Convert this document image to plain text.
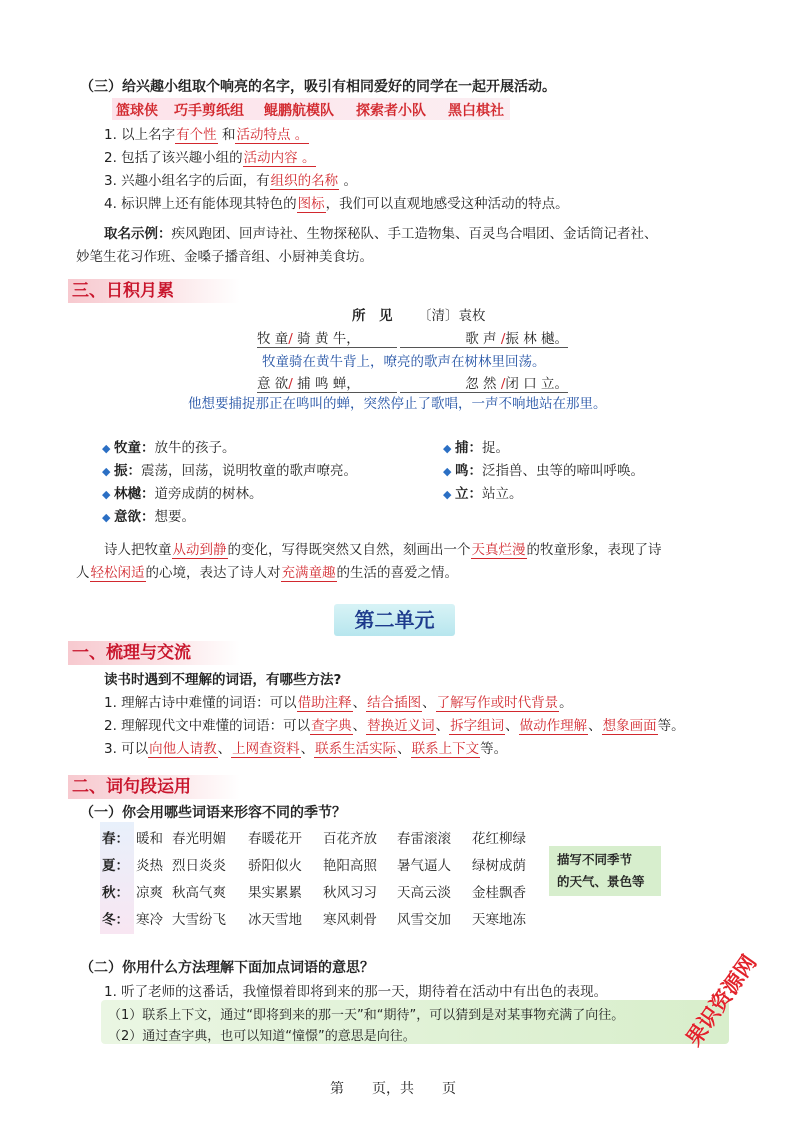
（三）给兴趣小组取个响亮的名字，吸引有相同爱好的同学在一起开展活动。
篮球侠 巧手剪纸组 鲲鹏航模队 探索者小队 黑白棋社
1. 以上名字有个性 和活动特点 。
2. 包括了该兴趣小组的活动内容 。
3. 兴趣小组名字的后面，有组织的名称 。
4. 标识牌上还有能体现其特色的图标，我们可以直观地感受这种活动的特点。
取名示例：疾风跑团、回声诗社、生物探秘队、手工造物集、百灵鸟合唱团、金话筒记者社、
妙笔生花习作班、金嗓子播音组、小厨神美食坊。
三、日积月累
所　见 〔清〕袁枚
牧 童/ 骑 黄 牛，	歌 声 /振 林 樾。
牧童骑在黄牛背上，嘹亮的歌声在树林里回荡。
意 欲/ 捕 鸣 蝉，	忽 然 /闭 口 立。
他想要捕捉那正在鸣叫的蝉，突然停止了歌唱，一声不响地站在那里。
◆ 牧童：放牛的孩子。
◆ 振：震荡，回荡，说明牧童的歌声嘹亮。
◆ 林樾：道旁成荫的树林。
◆ 意欲：想要。
◆ 捕：捉。
◆ 鸣：泛指兽、虫等的啼叫呼唤。
◆ 立：站立。
诗人把牧童从动到静的变化，写得既突然又自然，刻画出一个天真烂漫的牧童形象，表现了诗
人轻松闲适的心境，表达了诗人对充满童趣的生活的喜爱之情。
第二单元
一、梳理与交流
读书时遇到不理解的词语，有哪些方法?
1. 理解古诗中难懂的词语：可以借助注释、结合插图、了解写作或时代背景。
2. 理解现代文中难懂的词语：可以查字典、替换近义词、拆字组词、做动作理解、想象画面等。
3. 可以向他人请教、上网查资料、联系生活实际、联系上下文等。
二、词句段运用
（一）你会用哪些词语来形容不同的季节？
春： 暖和 春光明媚 春暖花开 百花齐放 春雷滚滚 花红柳绿
夏： 炎热 烈日炎炎 骄阳似火 艳阳高照 暑气逼人 绿树成荫
秋： 凉爽 秋高气爽 果实累累 秋风习习 天高云淡 金桂飘香
冬： 寒冷 大雪纷飞 冰天雪地 寒风刺骨 风雪交加 天寒地冻
描写不同季节
的天气、景色等
（二）你用什么方法理解下面加点词语的意思？
1. 听了老师的这番话，我憧憬着即将到来的那一天，期待着在活动中有出色的表现。
（1）联系上下文，通过“即将到来的那一天”和“期待”，可以猜到是对某事物充满了向往。
（2）通过查字典，也可以知道“憧憬”的意思是向往。	果识资源网
第　　页，共　　页
